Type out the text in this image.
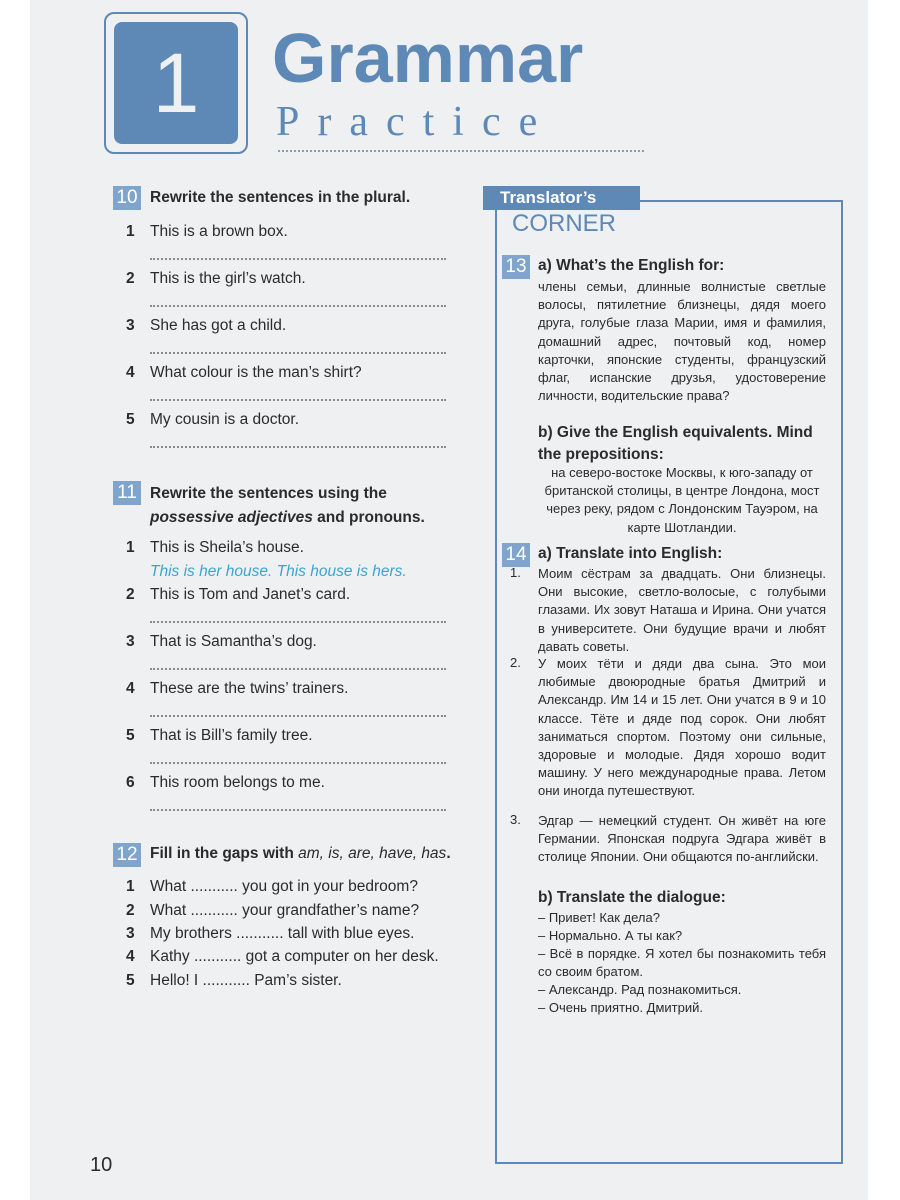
1	Grammar
Practice
10 Rewrite the sentences in the plural.
1 This is a brown box.
2 This is the girl’s watch.
3 She has got a child.
4 What colour is the man’s shirt?
5 My cousin is a doctor.
11 Rewrite the sentences using the possessive adjectives and pronouns.
1 This is Sheila’s house.
This is her house. This house is hers.
2 This is Tom and Janet’s card.
3 That is Samantha’s dog.
4 These are the twins’ trainers.
5 That is Bill’s family tree.
6 This room belongs to me.
12 Fill in the gaps with am, is, are, have, has.
1 What ........... you got in your bedroom?
2 What ........... your grandfather’s name?
3 My brothers ........... tall with blue eyes.
4 Kathy ........... got a computer on her desk.
5 Hello! I ........... Pam’s sister.
Translator’s
CORNER
13 a) What’s the English for:
члены семьи, длинные волнистые светлые волосы, пятилетние близнецы, дядя моего друга, голубые глаза Марии, имя и фамилия, домашний адрес, почтовый код, номер карточки, японские студенты, французский флаг, испанские друзья, удостоверение личности, водительские права?
b) Give the English equivalents. Mind the prepositions:
на северо-востоке Москвы, к юго-западу от британской столицы, в центре Лондона, мост через реку, рядом с Лондонским Тауэром, на карте Шотландии.
14 a) Translate into English:
1. Моим сёстрам за двадцать. Они близнецы. Они высокие, светло-волосые, с голубыми глазами. Их зовут Наташа и Ирина. Они учатся в университете. Они будущие врачи и любят давать советы.
2. У моих тёти и дяди два сына. Это мои любимые двоюродные братья Дмитрий и Александр. Им 14 и 15 лет. Они учатся в 9 и 10 классе. Тёте и дяде под сорок. Они любят заниматься спортом. Поэтому они сильные, здоровые и молодые. Дядя хорошо водит машину. У него международные права. Летом они иногда путешествуют.
3. Эдгар — немецкий студент. Он живёт на юге Германии. Японская подруга Эдгара живёт в столице Японии. Они общаются по-английски.
b) Translate the dialogue:
– Привет! Как дела?
– Нормально. А ты как?
– Всё в порядке. Я хотел бы познакомить тебя со своим братом.
– Александр. Рад познакомиться.
– Очень приятно. Дмитрий.
10
